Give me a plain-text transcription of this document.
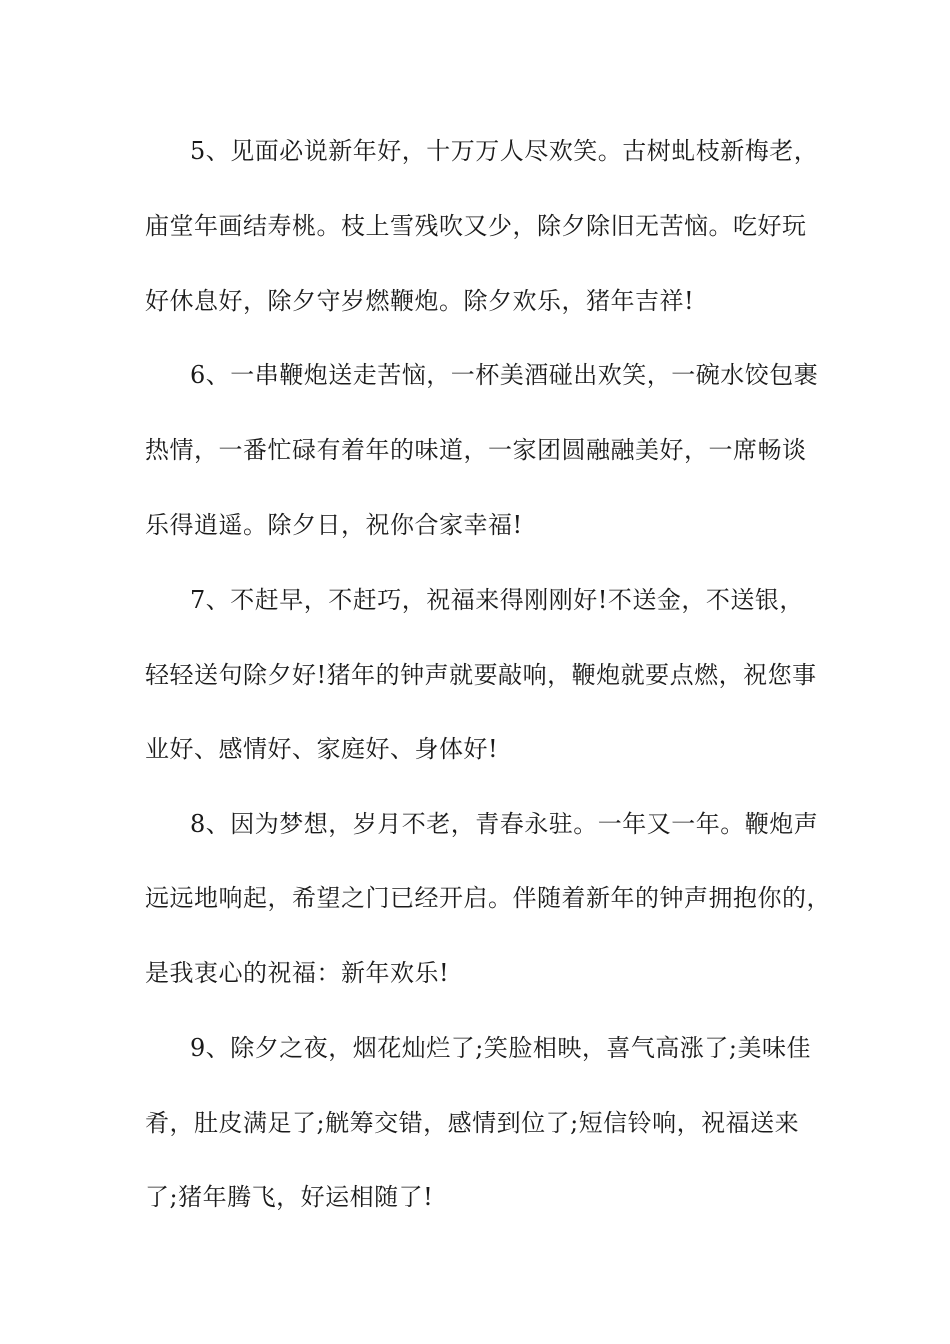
5、见面必说新年好，十万万人尽欢笑。古树虬枝新梅老，
庙堂年画结寿桃。枝上雪残吹又少，除夕除旧无苦恼。吃好玩
好休息好，除夕守岁燃鞭炮。除夕欢乐，猪年吉祥!
6、一串鞭炮送走苦恼，一杯美酒碰出欢笑，一碗水饺包裹
热情，一番忙碌有着年的味道，一家团圆融融美好，一席畅谈
乐得逍遥。除夕日，祝你合家幸福!
7、不赶早，不赶巧，祝福来得刚刚好!不送金，不送银，
轻轻送句除夕好!猪年的钟声就要敲响，鞭炮就要点燃，祝您事
业好、感情好、家庭好、身体好!
8、因为梦想，岁月不老，青春永驻。一年又一年。鞭炮声
远远地响起，希望之门已经开启。伴随着新年的钟声拥抱你的，
是我衷心的祝福：新年欢乐!
9、除夕之夜，烟花灿烂了;笑脸相映，喜气高涨了;美味佳
肴，肚皮满足了;觥筹交错，感情到位了;短信铃响，祝福送来
了;猪年腾飞，好运相随了!
